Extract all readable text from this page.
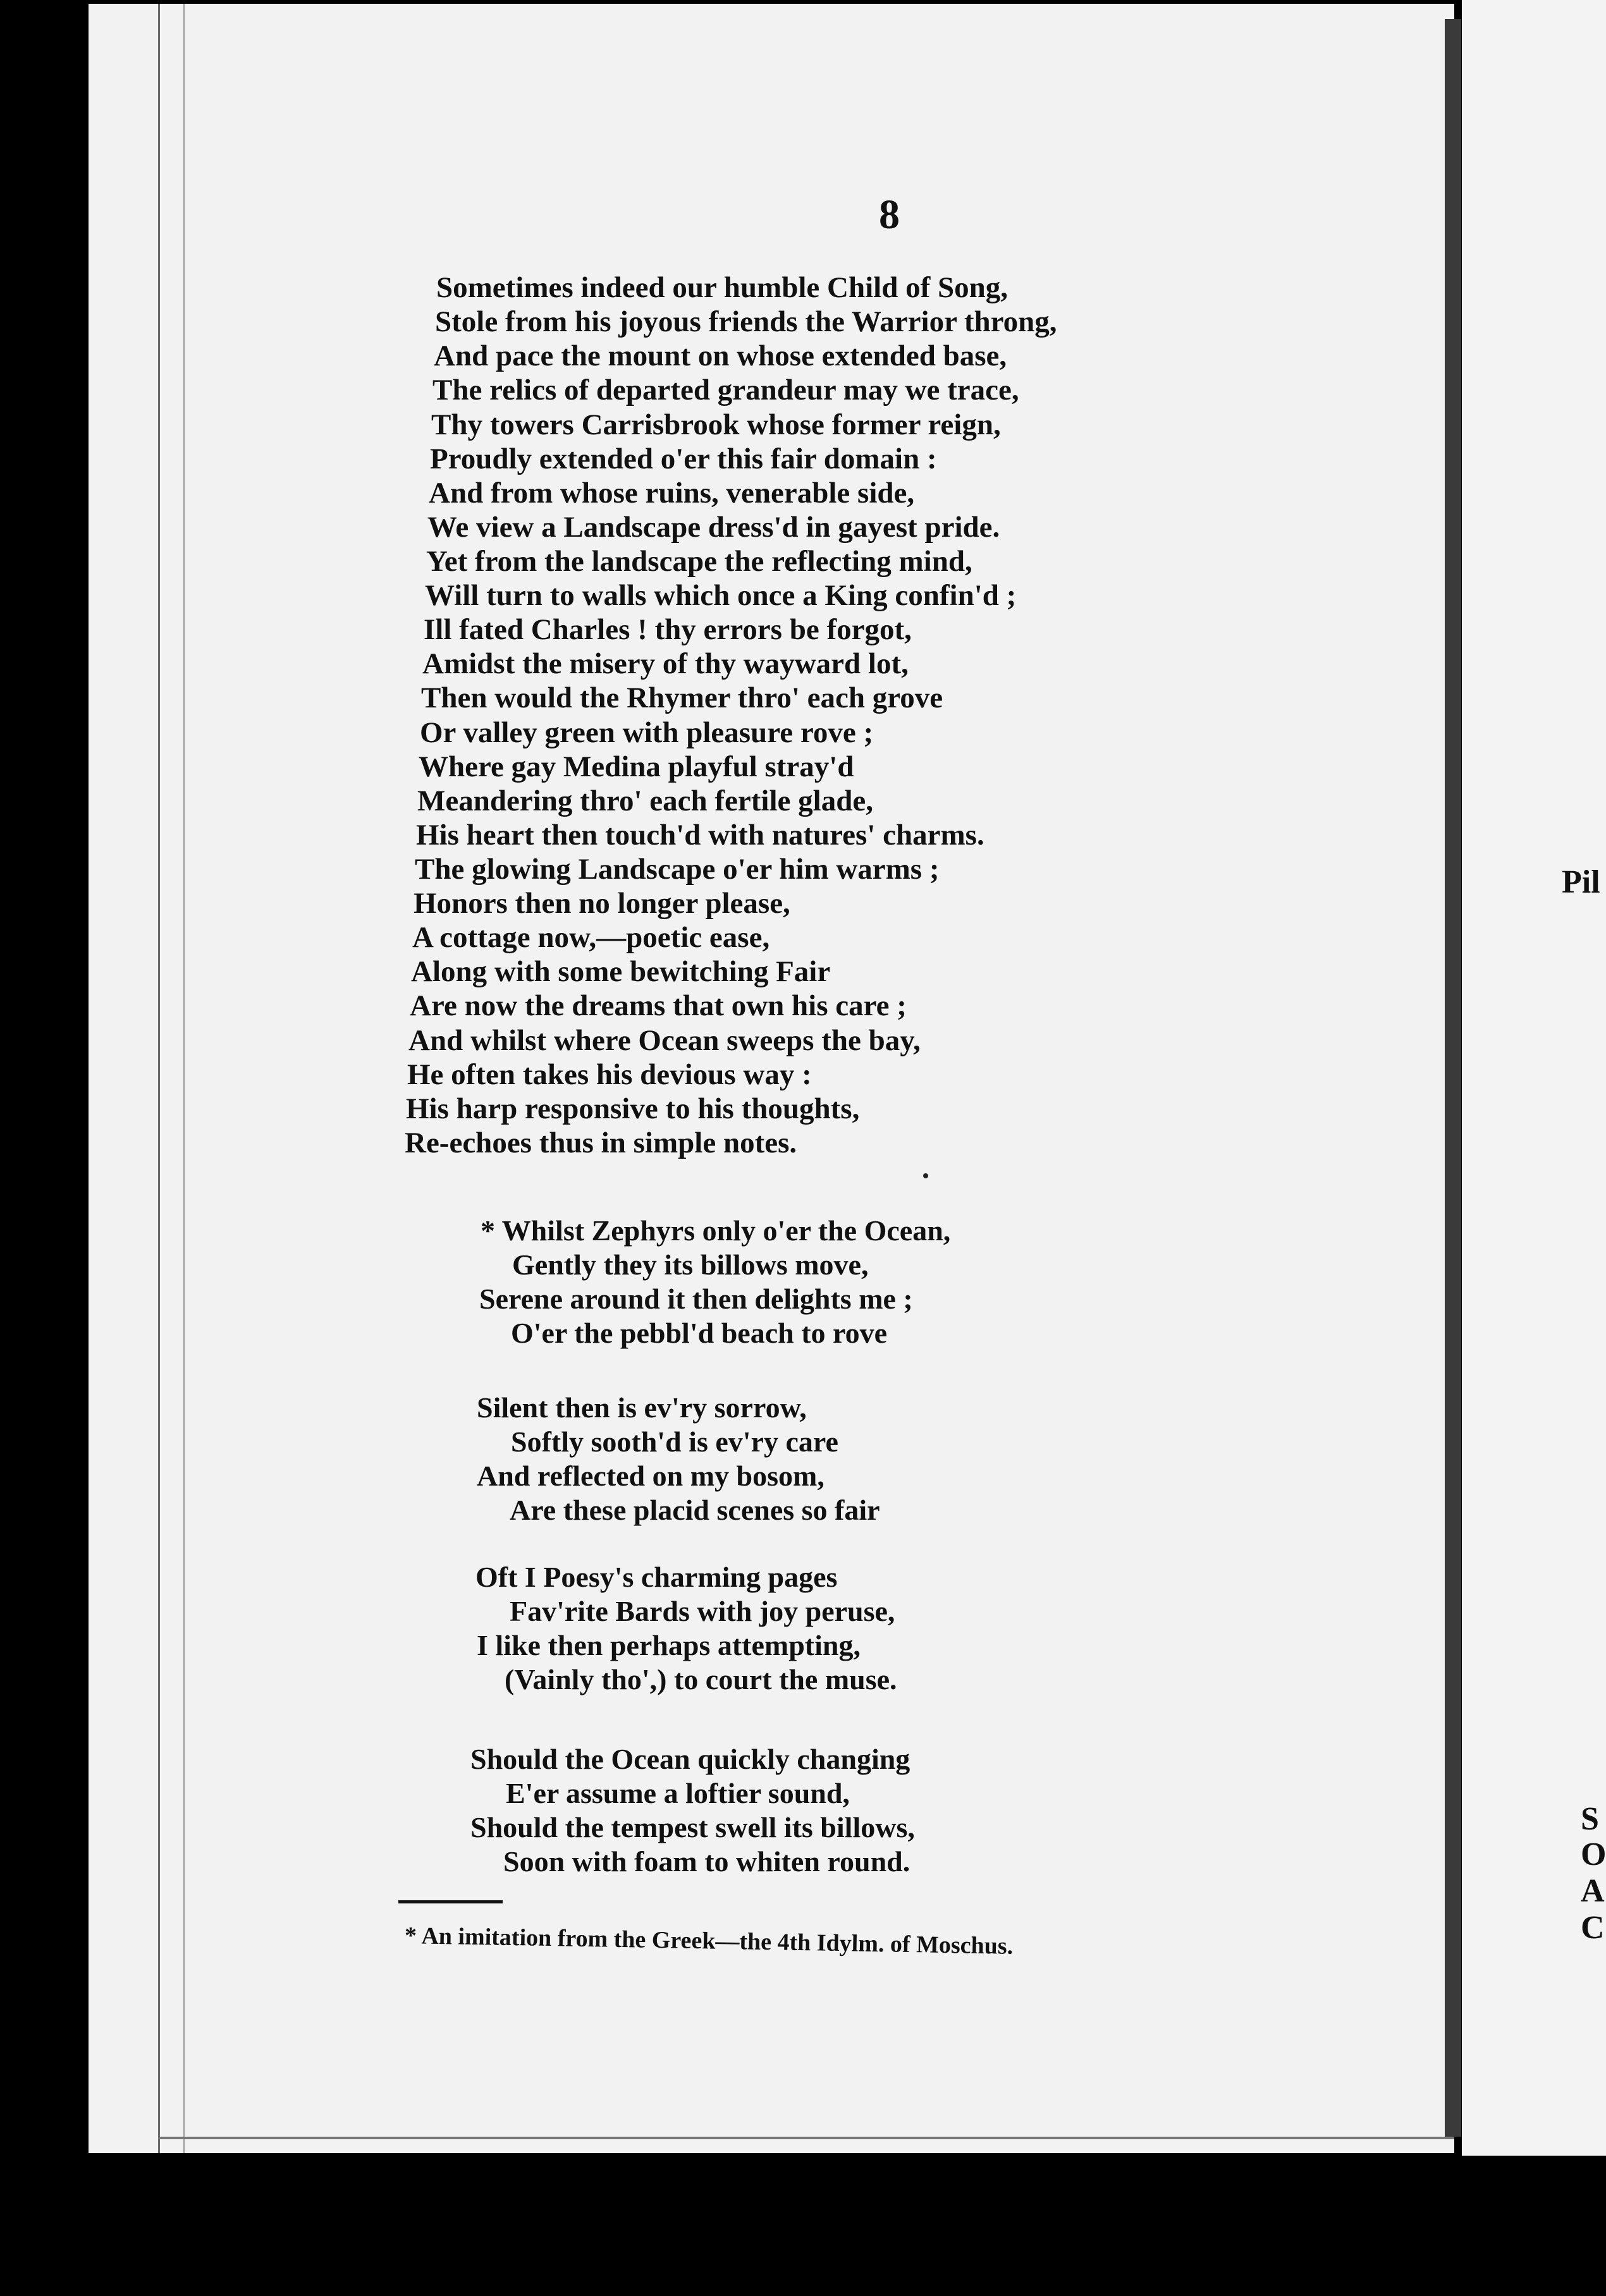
Pil
S
O
A
C
8
Sometimes indeed our humble Child of Song,
Stole from his joyous friends the Warrior throng,
And pace the mount on whose extended base,
The relics of departed grandeur may we trace,
Thy towers Carrisbrook whose former reign,
Proudly extended o'er this fair domain :
And from whose ruins, venerable side,
We view a Landscape dress'd in gayest pride.
Yet from the landscape the reflecting mind,
Will turn to walls which once a King confin'd ;
Ill fated Charles ! thy errors be forgot,
Amidst the misery of thy wayward lot,
Then would the Rhymer thro' each grove
Or valley green with pleasure rove ;
Where gay Medina playful stray'd
Meandering thro' each fertile glade,
His heart then touch'd with natures' charms.
The glowing Landscape o'er him warms ;
Honors then no longer please,
A cottage now,—poetic ease,
Along with some bewitching Fair
Are now the dreams that own his care ;
And whilst where Ocean sweeps the bay,
He often takes his devious way :
His harp responsive to his thoughts,
Re-echoes thus in simple notes.
* Whilst Zephyrs only o'er the Ocean,
Gently they its billows move,
Serene around it then delights me ;
O'er the pebbl'd beach to rove
Silent then is ev'ry sorrow,
Softly sooth'd is ev'ry care
And reflected on my bosom,
Are these placid scenes so fair
Oft I Poesy's charming pages
Fav'rite Bards with joy peruse,
I like then perhaps attempting,
(Vainly tho',) to court the muse.
Should the Ocean quickly changing
E'er assume a loftier sound,
Should the tempest swell its billows,
Soon with foam to whiten round.
* An imitation from the Greek—the 4th Idylm. of Moschus.
